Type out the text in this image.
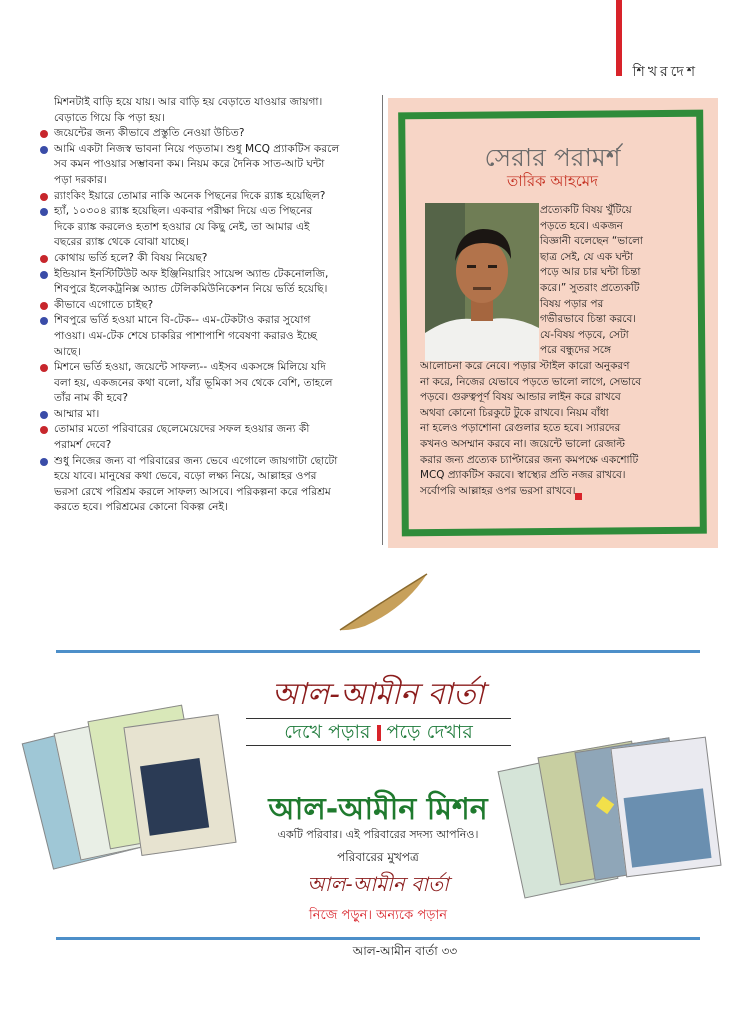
শিখরদেশ
মিশনটাই বাড়ি হয়ে যায়। আর বাড়ি হয় বেড়াতে যাওয়ার জায়গা।
বেড়াতে গিয়ে কি পড়া হয়।
জয়েন্টের জন্য কীভাবে প্রস্তুতি নেওয়া উচিত?
আমি একটা নিজস্ব ভাবনা নিয়ে পড়তাম। শুধু MCQ প্র্যাকটিস করলে
সব কমন পাওয়ার সম্ভাবনা কম। নিয়ম করে দৈনিক সাত-আট ঘন্টা
পড়া দরকার।
র‍্যাংকিং ইয়ারে তোমার নাকি অনেক পিছনের দিকে র‍্যাঙ্ক হয়েছিল?
হ্যাঁ, ১০৩০৪ র‍্যাঙ্ক হয়েছিল। একবার পরীক্ষা দিয়ে এত পিছনের
দিকে র‍্যাঙ্ক করলেও হতাশ হওয়ার যে কিছু নেই, তা আমার এই
বছরের র‍্যাঙ্ক থেকে বোঝা যাচ্ছে।
কোথায় ভর্তি হলে? কী বিষয় নিয়েছ?
ইন্ডিয়ান ইনস্টিটিউট অফ ইঞ্জিনিয়ারিং সায়েন্স অ্যান্ড টেকনোলজি,
শিবপুরে ইলেকট্রনিক্স অ্যান্ড টেলিকমিউনিকেশন নিয়ে ভর্তি হয়েছি।
কীভাবে এগোতে চাইছ?
শিবপুরে ভর্তি হওয়া মানে বি-টেক-- এম-টেকটাও করার সুযোগ
পাওয়া। এম-টেক শেষে চাকরির পাশাপাশি গবেষণা করারও ইচ্ছে
আছে।
মিশনে ভর্তি হওয়া, জয়েন্টে সাফল্য-- এইসব একসঙ্গে মিলিয়ে যদি
বলা হয়, একজনের কথা বলো, যাঁর ভূমিকা সব থেকে বেশি, তাহলে
তাঁর নাম কী হবে?
আম্মার মা।
তোমার মতো পরিবারের ছেলেমেয়েদের সফল হওয়ার জন্য কী
পরামর্শ দেবে?
শুধু নিজের জন্য বা পরিবারের জন্য ভেবে এগোলে জায়গাটা ছোটো
হয়ে যাবে। মানুষের কথা ভেবে, বড়ো লক্ষ্য নিয়ে, আল্লাহর ওপর
ভরসা রেখে পরিশ্রম করলে সাফল্য আসবে। পরিকল্পনা করে পরিশ্রম
করতে হবে। পরিশ্রমের কোনো বিকল্প নেই।
সেরার পরামর্শ
তারিক আহমেদ
প্রত্যেকটি বিষয় খুঁটিয়ে
পড়তে হবে। একজন
বিজ্ঞানী বলেছেন “ভালো
ছাত্র সেই, যে এক ঘন্টা
পড়ে আর চার ঘন্টা চিন্তা
করে।” সুতরাং প্রত্যেকটি
বিষয় পড়ার পর
গভীরভাবে চিন্তা করবে।
যে-বিষয় পড়বে, সেটা
পরে বন্ধুদের সঙ্গে
আলোচনা করে নেবে। পড়ার স্টাইল কারো অনুকরণ
না করে, নিজের যেভাবে পড়তে ভালো লাগে, সেভাবে
পড়বে। গুরুত্বপূর্ণ বিষয় আন্ডার লাইন করে রাখবে
অথবা কোনো চিরকুটে টুকে রাখবে। নিয়ম বাঁধা
না হলেও পড়াশোনা রেগুলার হতে হবে। স্যারদের
কখনও অসম্মান করবে না। জয়েন্টে ভালো রেজাল্ট
করার জন্য প্রত্যেক চ্যাপ্টারের জন্য কমপক্ষে একশোটি
MCQ প্র্যাকটিস করবে। স্বাস্থ্যের প্রতি নজর রাখবে।
সর্বোপরি আল্লাহর ওপর ভরসা রাখবে।
আল-আমীন বার্তা
দেখে পড়ার পড়ে দেখার
আল-আমীন মিশন
একটি পরিবার। এই পরিবারের সদস্য আপনিও।
পরিবারের মুখপত্র
আল-আমীন বার্তা
নিজে পড়ুন। অন্যকে পড়ান
আল-আমীন বার্তা ৩৩
